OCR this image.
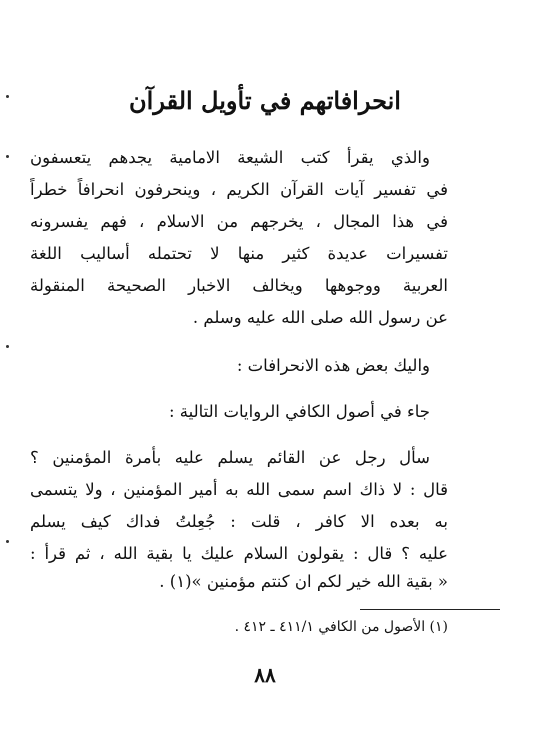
انحرافاتهم في تأويل القرآن
والذي يقرأ كتب الشيعة الامامية يجدهم يتعسفون
في تفسير آيات القرآن الكريم ، وينحرفون انحرافاً خطراً
في هذا المجال ، يخرجهم من الاسلام ، فهم يفسرونه
تفسيرات عديدة كثير منها لا تحتمله أساليب اللغة
العربية ووجوهها ويخالف الاخبار الصحيحة المنقولة
عن رسول الله صلى الله عليه وسلم .
واليك بعض هذه الانحرافات :
جاء في أصول الكافي الروايات التالية :
سأل رجل عن القائم يسلم عليه بأمرة المؤمنين ؟
قال : لا ذاك اسم سمى الله به أمير المؤمنين ، ولا يتسمى
به بعده الا كافر ، قلت : جُعِلتُ فداك كيف يسلم
عليه ؟ قال : يقولون السلام عليك يا بقية الله ، ثم قرأ :
« بقية الله خير لكم ان كنتم مؤمنين »(١) .
(١) الأصول من الكافي ٤١١/١ ـ ٤١٢ .
٨٨
